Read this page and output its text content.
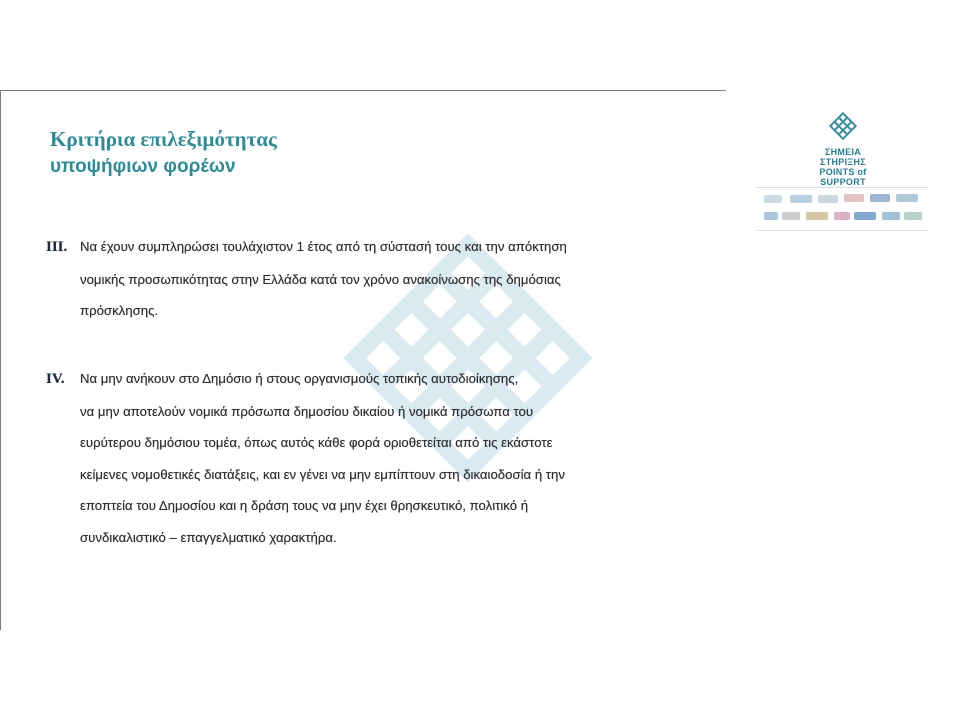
Κριτήρια επιλεξιμότητας
υποψήφιων φορέων
III. Να έχουν συμπληρώσει τουλάχιστον 1 έτος από τη σύστασή τους και την απόκτηση
νομικής προσωπικότητας στην Ελλάδα κατά τον χρόνο ανακοίνωσης της δημόσιας
πρόσκλησης.
IV. Να μην ανήκουν στο Δημόσιο ή στους οργανισμούς τοπικής αυτοδιοίκησης,
να μην αποτελούν νομικά πρόσωπα δημοσίου δικαίου ή νομικά πρόσωπα του
ευρύτερου δημόσιου τομέα, όπως αυτός κάθε φορά οριοθετείται από τις εκάστοτε
κείμενες νομοθετικές διατάξεις, και εν γένει να μην εμπίπτουν στη δικαιοδοσία ή την
εποπτεία του Δημοσίου και η δράση τους να μην έχει θρησκευτικό, πολιτικό ή
συνδικαλιστικό – επαγγελματικό χαρακτήρα.
ΣΗΜΕΙΑ ΣΤΗΡΙΞΗΣ
POINTS of SUPPORT
